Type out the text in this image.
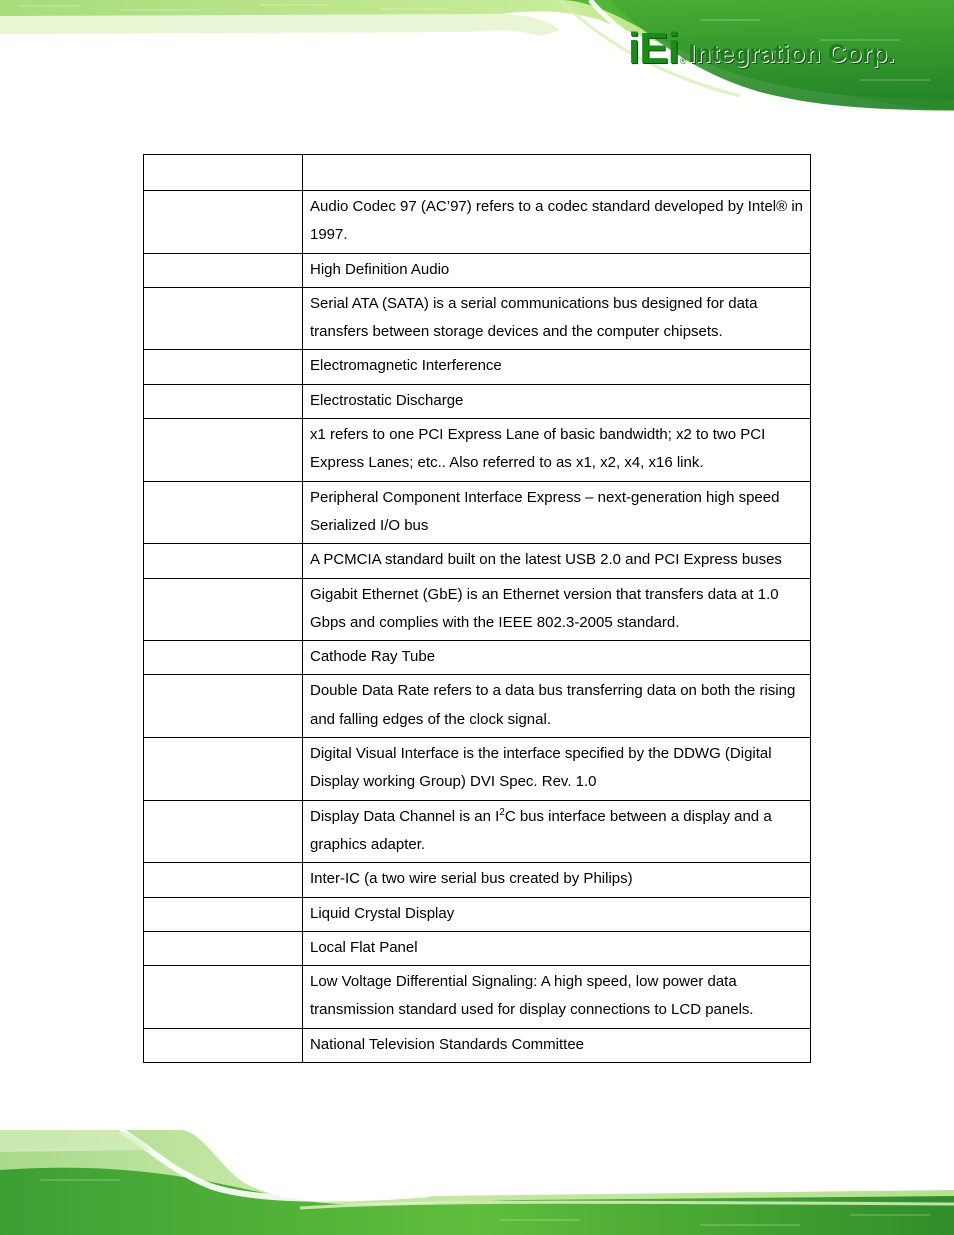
iEi ® Integration Corp.

	Audio Codec 97 (AC’97) refers to a codec standard developed by Intel® in 1997.
	High Definition Audio
	Serial ATA (SATA) is a serial communications bus designed for data transfers between storage devices and the computer chipsets.
	Electromagnetic Interference
	Electrostatic Discharge
	x1 refers to one PCI Express Lane of basic bandwidth; x2 to two PCI Express Lanes; etc.. Also referred to as x1, x2, x4, x16 link.
	Peripheral Component Interface Express – next-generation high speed Serialized I/O bus
	A PCMCIA standard built on the latest USB 2.0 and PCI Express buses
	Gigabit Ethernet (GbE) is an Ethernet version that transfers data at 1.0 Gbps and complies with the IEEE 802.3-2005 standard.
	Cathode Ray Tube
	Double Data Rate refers to a data bus transferring data on both the rising and falling edges of the clock signal.
	Digital Visual Interface is the interface specified by the DDWG (Digital Display working Group) DVI Spec. Rev. 1.0
	Display Data Channel is an $I^2C$ bus interface between a display and a graphics adapter.
	Inter-IC (a two wire serial bus created by Philips)
	Liquid Crystal Display
	Local Flat Panel
	Low Voltage Differential Signaling: A high speed, low power data transmission standard used for display connections to LCD panels.
	National Television Standards Committee
